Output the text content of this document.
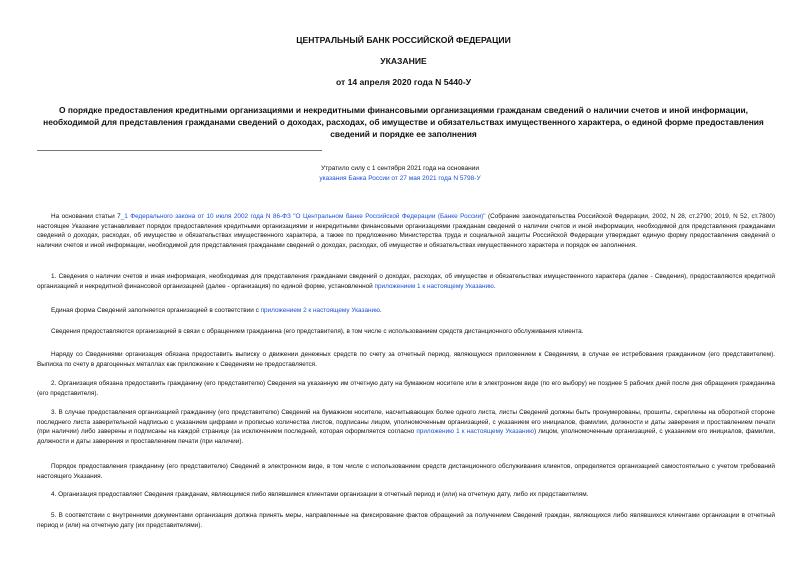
ЦЕНТРАЛЬНЫЙ БАНК РОССИЙСКОЙ ФЕДЕРАЦИИ
УКАЗАНИЕ
от 14 апреля 2020 года N 5440-У
О порядке предоставления кредитными организациями и некредитными финансовыми организациями гражданам сведений о наличии счетов и иной информации, необходимой для представления гражданами сведений о доходах, расходах, об имуществе и обязательствах имущественного характера, о единой форме предоставления сведений и порядке ее заполнения
Утратило силу с 1 сентября 2021 года на основании
указания Банка России от 27 мая 2021 года N 5798-У
На основании статьи 7_1 Федерального закона от 10 июля 2002 года N 86-ФЗ "О Центральном банке Российской Федерации (Банке России)" (Собрание законодательства Российской Федерации, 2002, N 28, ст.2790; 2019, N 52, ст.7800) настоящее Указание устанавливает порядок предоставления кредитными организациями и некредитными финансовыми организациями гражданам сведений о наличии счетов и иной информации, необходимой для представления гражданами сведений о доходах, расходах, об имуществе и обязательствах имущественного характера, а также по предложению Министерства труда и социальной защиты Российской Федерации утверждает единую форму предоставления сведений о наличии счетов и иной информации, необходимой для представления гражданами сведений о доходах, расходах, об имуществе и обязательствах имущественного характера и порядок ее заполнения.
1. Сведения о наличии счетов и иная информация, необходимая для представления гражданами сведений о доходах, расходах, об имуществе и обязательствах имущественного характера (далее - Сведения), предоставляются кредитной организацией и некредитной финансовой организацией (далее - организация) по единой форме, установленной приложением 1 к настоящему Указанию.
Единая форма Сведений заполняется организацией в соответствии с приложением 2 к настоящему Указанию.
Сведения предоставляются организацией в связи с обращением гражданина (его представителя), в том числе с использованием средств дистанционного обслуживания клиента.
Наряду со Сведениями организация обязана предоставить выписку о движении денежных средств по счету за отчетный период, являющуюся приложением к Сведениям, в случае ее истребования гражданином (его представителем). Выписка по счету в драгоценных металлах как приложение к Сведениям не предоставляется.
2. Организация обязана предоставить гражданину (его представителю) Сведения на указанную им отчетную дату на бумажном носителе или в электронном виде (по его выбору) не позднее 5 рабочих дней после дня обращения гражданина (его представителя).
3. В случае предоставления организацией гражданину (его представителю) Сведений на бумажном носителе, насчитывающих более одного листа, листы Сведений должны быть пронумерованы, прошиты, скреплены на оборотной стороне последнего листа заверительной надписью с указанием цифрами и прописью количества листов, подписаны лицом, уполномоченным организацией, с указанием его инициалов, фамилии, должности и даты заверения и проставлением печати (при наличии) либо заверены и подписаны на каждой странице (за исключением последней, которая оформляется согласно приложению 1 к настоящему Указанию) лицом, уполномоченным организацией, с указанием его инициалов, фамилии, должности и даты заверения и проставлением печати (при наличии).
Порядок предоставления гражданину (его представителю) Сведений в электронном виде, в том числе с использованием средств дистанционного обслуживания клиентов, определяется организацией самостоятельно с учетом требований настоящего Указания.
4. Организация предоставляет Сведения гражданам, являющимся либо являвшимся клиентами организации в отчетный период и (или) на отчетную дату, либо их представителям.
5. В соответствии с внутренними документами организация должна принять меры, направленные на фиксирование фактов обращений за получением Сведений граждан, являющихся либо являвшихся клиентами организации в отчетный период и (или) на отчетную дату (их представителями).
